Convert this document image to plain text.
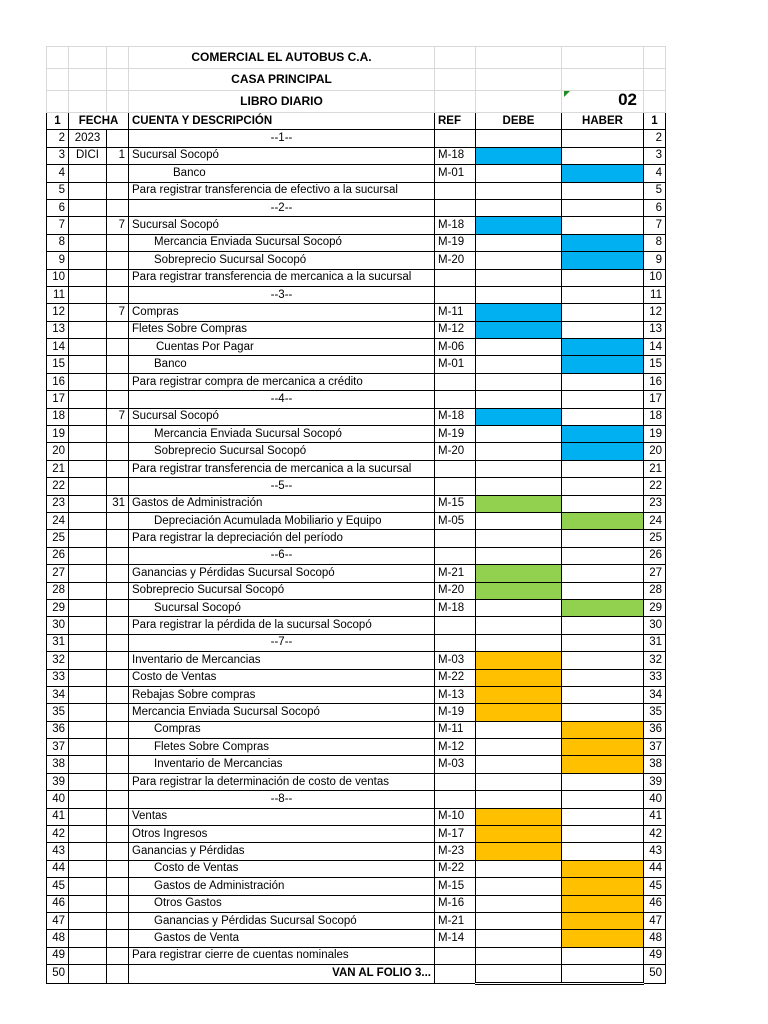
			COMERCIAL EL AUTOBUS C.A.				
			CASA PRINCIPAL				
			LIBRO DIARIO			02	

1	FECHA		CUENTA Y DESCRIPCIÓN	REF	DEBE	HABER	1
2	2023		--1--				2
3	DICI	1	Sucursal Socopó	M-18			3
4			Banco	M-01			4
5			Para registrar transferencia de efectivo a la sucursal				5
6			--2--				6
7		7	Sucursal Socopó	M-18			7
8			Mercancia Enviada Sucursal Socopó	M-19			8
9			Sobreprecio Sucursal Socopó	M-20			9
10			Para registrar transferencia de mercanica a la sucursal				10
11			--3--				11
12		7	Compras	M-11			12
13			Fletes Sobre Compras	M-12			13
14			Cuentas Por Pagar	M-06			14
15			Banco	M-01			15
16			Para registrar compra de mercanica a crédito				16
17			--4--				17
18		7	Sucursal Socopó	M-18			18
19			Mercancia Enviada Sucursal Socopó	M-19			19
20			Sobreprecio Sucursal Socopó	M-20			20
21			Para registrar transferencia de mercanica a la sucursal				21
22			--5--				22
23		31	Gastos de Administración	M-15			23
24			Depreciación Acumulada Mobiliario y Equipo	M-05			24
25			Para registrar la depreciación del período				25
26			--6--				26
27			Ganancias y Pérdidas Sucursal Socopó	M-21			27
28			Sobreprecio Sucursal Socopó	M-20			28
29			Sucursal Socopó	M-18			29
30			Para registrar la pérdida de la sucursal Socopó				30
31			--7--				31
32			Inventario de Mercancias	M-03			32
33			Costo de Ventas	M-22			33
34			Rebajas Sobre compras	M-13			34
35			Mercancia Enviada Sucursal Socopó	M-19			35
36			Compras	M-11			36
37			Fletes Sobre Compras	M-12			37
38			Inventario de Mercancias	M-03			38
39			Para registrar la determinación de costo de ventas				39
40			--8--				40
41			Ventas	M-10			41
42			Otros Ingresos	M-17			42
43			Ganancias y Pérdidas	M-23			43
44			Costo de Ventas	M-22			44
45			Gastos de Administración	M-15			45
46			Otros Gastos	M-16			46
47			Ganancias y Pérdidas Sucursal Socopó	M-21			47
48			Gastos de Venta	M-14			48
49			Para registrar cierre de cuentas nominales				49
50			VAN AL FOLIO 3...				50
